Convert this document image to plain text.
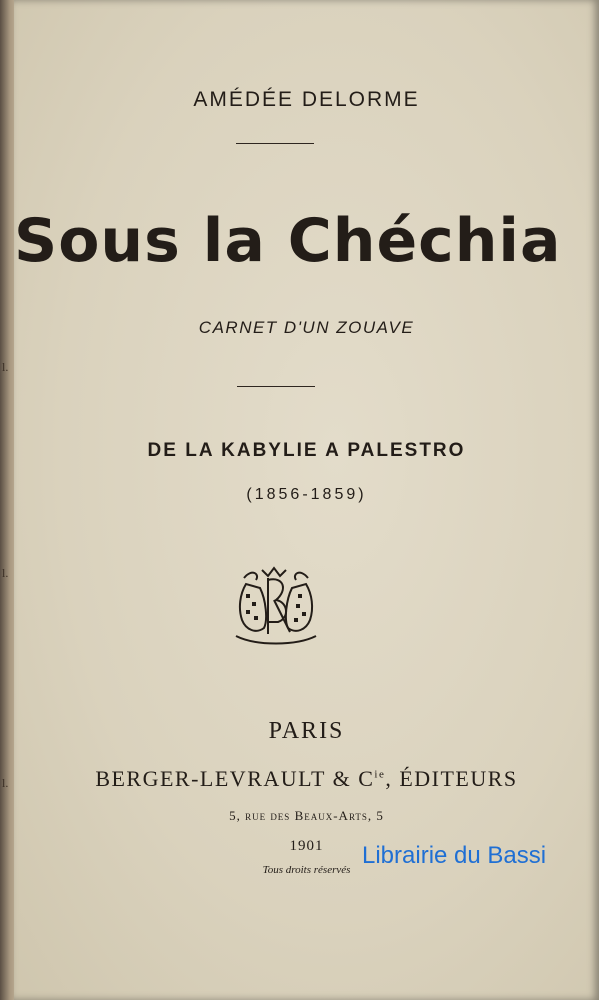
l.
l.
l.
AMÉDÉE DELORME
Sous la Chéchia
CARNET D'UN ZOUAVE
DE LA KABYLIE A PALESTRO
(1856-1859)
PARIS
BERGER-LEVRAULT & $C^{ie}$, ÉDITEURS
5, rue des Beaux-Arts, 5
1901
Tous droits réservés
Librairie du Bassi
